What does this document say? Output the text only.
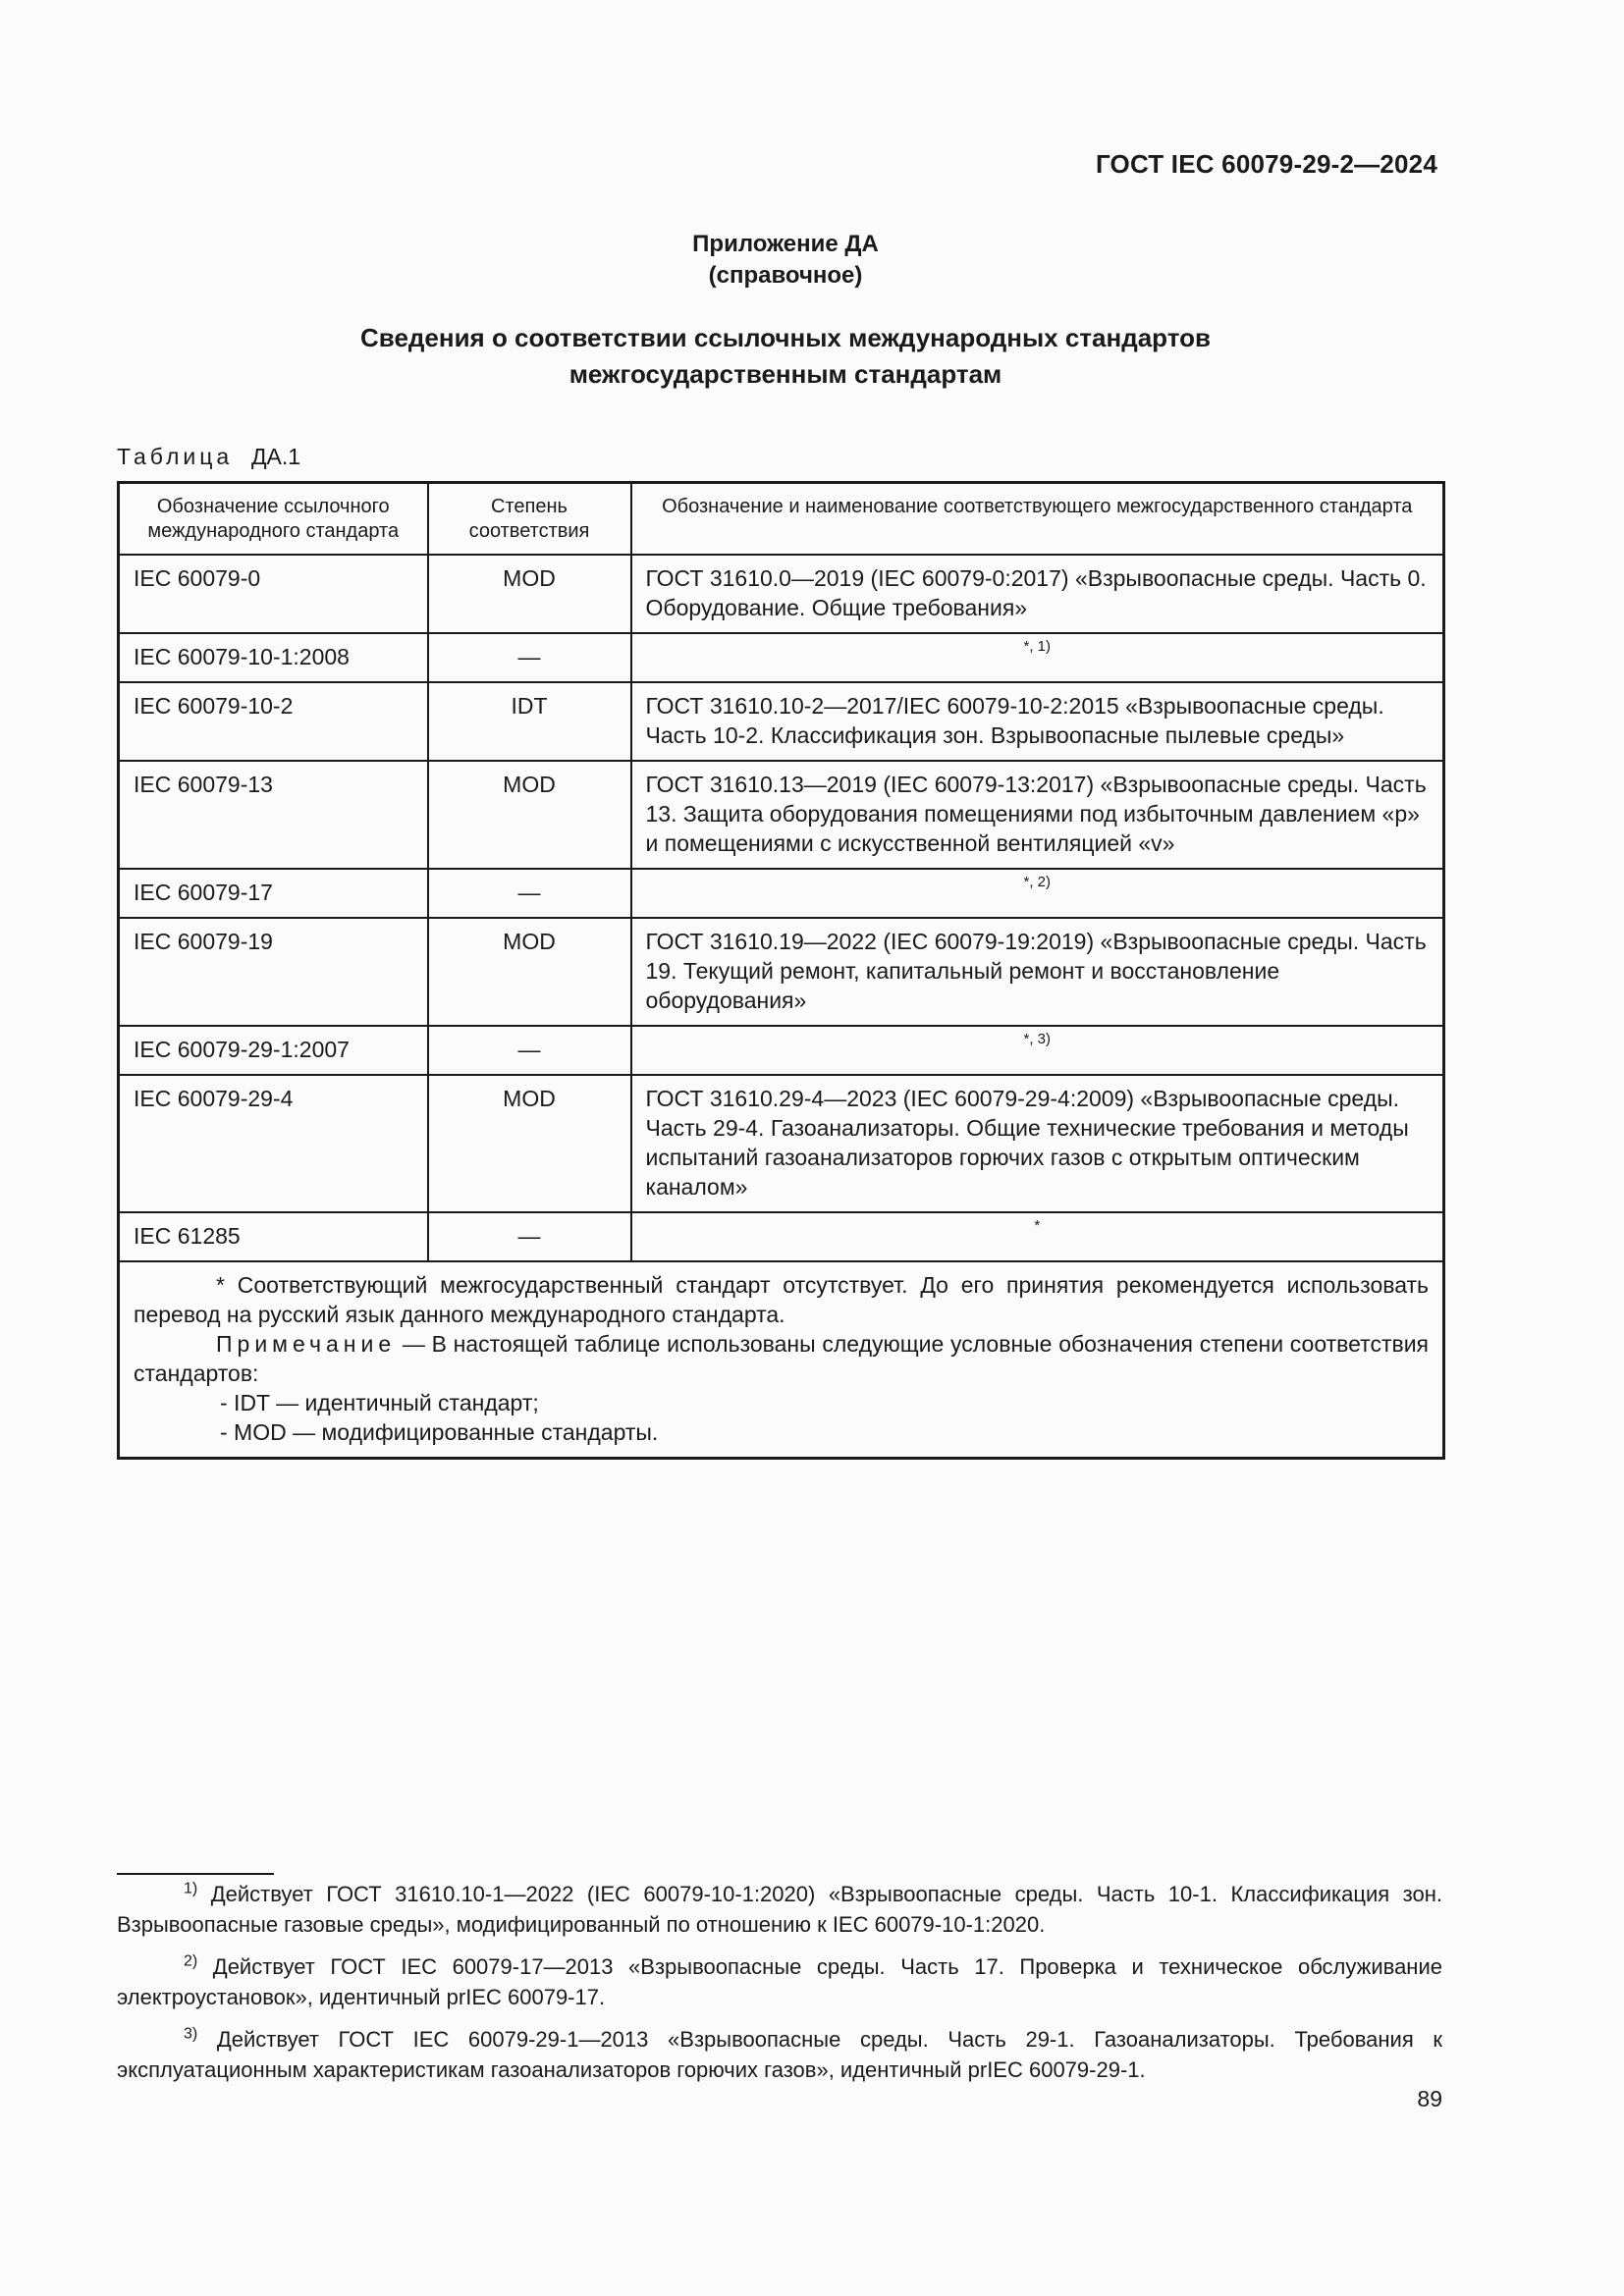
ГОСТ IEC 60079-29-2—2024
Приложение ДА
(справочное)
Сведения о соответствии ссылочных международных стандартов
межгосударственным стандартам
Таблица ДА.1
Обозначение ссылочного международного стандарта	Степень соответствия	Обозначение и наименование соответствующего межгосударственного стандарта
IEC 60079-0	MOD	ГОСТ 31610.0—2019 (IEC 60079-0:2017) «Взрывоопасные среды. Часть 0. Оборудование. Общие требования»
IEC 60079-10-1:2008	—	*, 1)
IEC 60079-10-2	IDT	ГОСТ 31610.10-2—2017/IEC 60079-10-2:2015 «Взрывоопасные среды. Часть 10-2. Классификация зон. Взрывоопасные пылевые среды»
IEC 60079-13	MOD	ГОСТ 31610.13—2019 (IEC 60079-13:2017) «Взрывоопасные среды. Часть 13. Защита оборудования помещениями под избыточным давлением «p» и помещениями с искусственной вентиляцией «v»
IEC 60079-17	—	*, 2)
IEC 60079-19	MOD	ГОСТ 31610.19—2022 (IEC 60079-19:2019) «Взрывоопасные среды. Часть 19. Текущий ремонт, капитальный ремонт и восстановление оборудования»
IEC 60079-29-1:2007	—	*, 3)
IEC 60079-29-4	MOD	ГОСТ 31610.29-4—2023 (IEC 60079-29-4:2009) «Взрывоопасные среды. Часть 29-4. Газоанализаторы. Общие технические требования и методы испытаний газоанализаторов горючих газов с открытым оптическим каналом»
IEC 61285	—	*

* Соответствующий межгосударственный стандарт отсутствует. До его принятия рекомендуется использовать перевод на русский язык данного международного стандарта.

Примечание — В настоящей таблице использованы следующие условные обозначения степени соответствия стандартов:

- IDT — идентичный стандарт;

- MOD — модифицированные стандарты.		

$^{1)}$ Действует ГОСТ 31610.10-1—2022 (IEC 60079-10-1:2020) «Взрывоопасные среды. Часть 10-1. Классификация зон. Взрывоопасные газовые среды», модифицированный по отношению к IEC 60079-10-1:2020.

$^{2)}$ Действует ГОСТ IEC 60079-17—2013 «Взрывоопасные среды. Часть 17. Проверка и техническое обслуживание электроустановок», идентичный prIEC 60079-17.

$^{3)}$ Действует ГОСТ IEC 60079-29-1—2013 «Взрывоопасные среды. Часть 29-1. Газоанализаторы. Требования к эксплуатационным характеристикам газоанализаторов горючих газов», идентичный prIEC 60079-29-1.

89
